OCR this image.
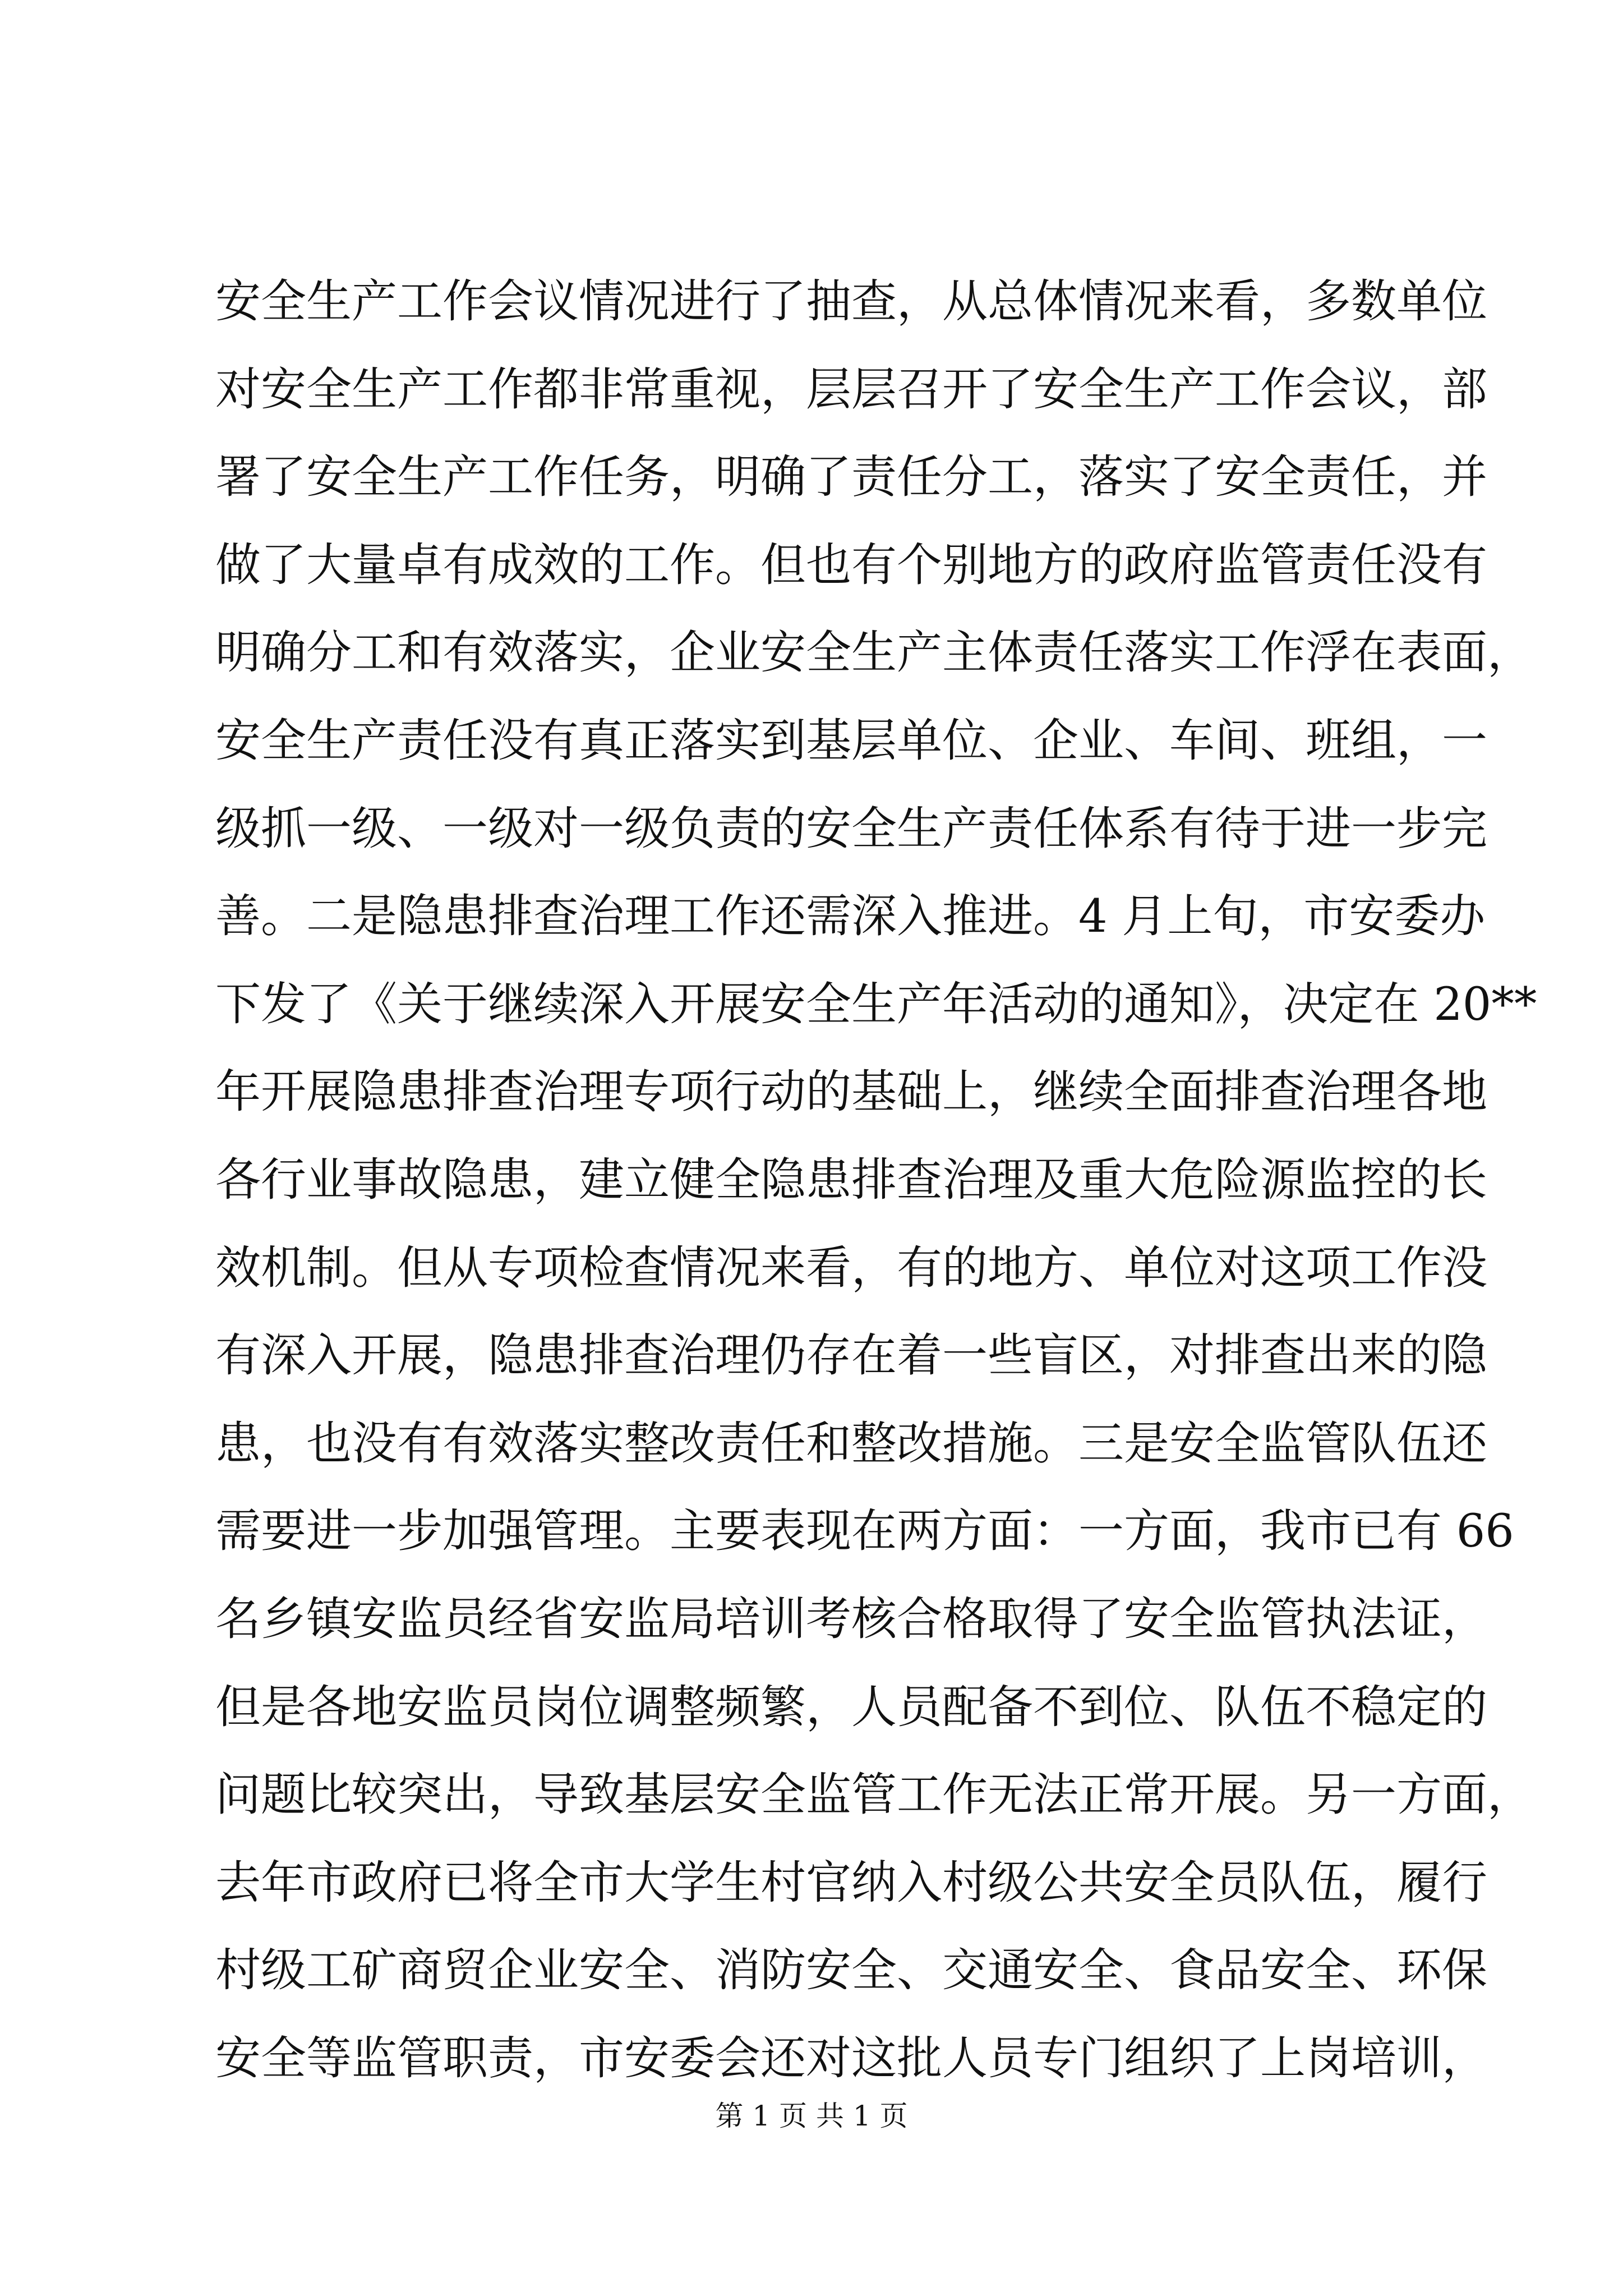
安全生产工作会议情况进行了抽查，从总体情况来看，多数单位
对安全生产工作都非常重视，层层召开了安全生产工作会议，部
署了安全生产工作任务，明确了责任分工，落实了安全责任，并
做了大量卓有成效的工作。但也有个别地方的政府监管责任没有
明确分工和有效落实，企业安全生产主体责任落实工作浮在表面，
安全生产责任没有真正落实到基层单位、企业、车间、班组，一
级抓一级、一级对一级负责的安全生产责任体系有待于进一步完
善。二是隐患排查治理工作还需深入推进。4 月上旬，市安委办
下发了《关于继续深入开展安全生产年活动的通知》，决定在 20**
年开展隐患排查治理专项行动的基础上，继续全面排查治理各地
各行业事故隐患，建立健全隐患排查治理及重大危险源监控的长
效机制。但从专项检查情况来看，有的地方、单位对这项工作没
有深入开展，隐患排查治理仍存在着一些盲区，对排查出来的隐
患，也没有有效落实整改责任和整改措施。三是安全监管队伍还
需要进一步加强管理。主要表现在两方面：一方面，我市已有 66
名乡镇安监员经省安监局培训考核合格取得了安全监管执法证，
但是各地安监员岗位调整频繁，人员配备不到位、队伍不稳定的
问题比较突出，导致基层安全监管工作无法正常开展。另一方面，
去年市政府已将全市大学生村官纳入村级公共安全员队伍，履行
村级工矿商贸企业安全、消防安全、交通安全、食品安全、环保
安全等监管职责，市安委会还对这批人员专门组织了上岗培训，
第 1 页 共 1 页
